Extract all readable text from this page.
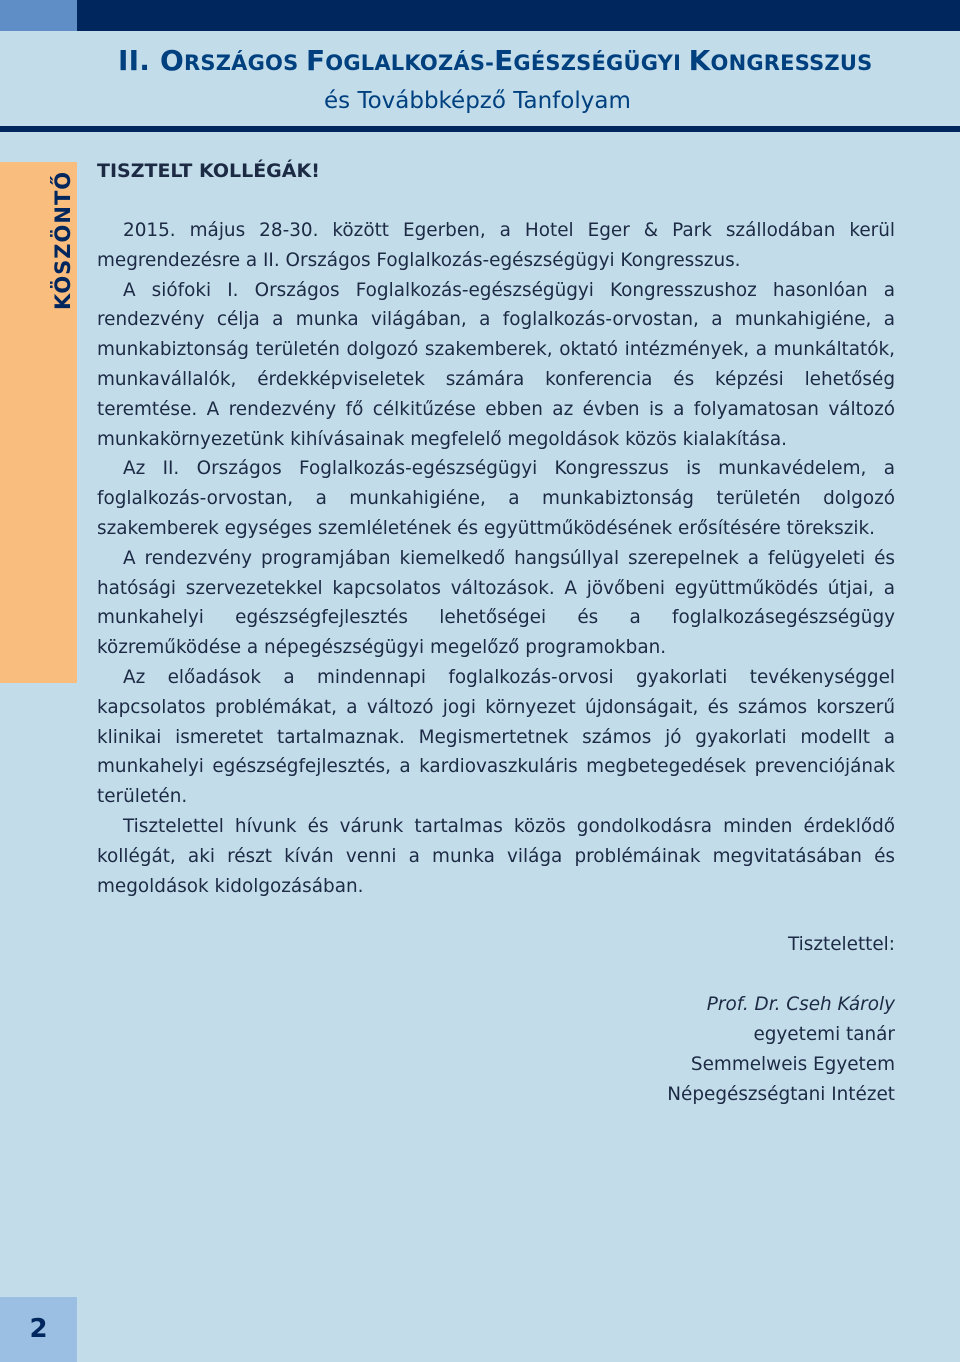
II. ORSZÁGOS FOGLALKOZÁS-EGÉSZSÉGÜGYI KONGRESSZUS
és Továbbképző Tanfolyam
KÖSZÖNTŐ TISZTELT KOLLÉGÁK!

2015. május 28-30. között Egerben, a Hotel Eger & Park szállodában kerül megrendezésre a II. Országos Foglalkozás-egészségügyi Kongresszus.

A siófoki I. Országos Foglalkozás-egészségügyi Kongresszushoz hasonlóan a rendezvény célja a munka világában, a foglalkozás-orvostan, a munkahigiéne, a munkabiztonság területén dolgozó szakemberek, oktató intézmények, a munkáltatók, munkavállalók, érdekképviseletek számára konferencia és képzési lehetőség teremtése. A rendezvény fő célkitűzése ebben az évben is a folyamatosan változó munkakörnyezetünk kihívásainak megfelelő megoldások közös kialakítása.

Az II. Országos Foglalkozás-egészségügyi Kongresszus is munkavédelem, a foglalkozás-orvostan, a munkahigiéne, a munkabiztonság területén dolgozó szakemberek egységes szemléletének és együttműködésének erősítésére törekszik.

A rendezvény programjában kiemelkedő hangsúllyal szerepelnek a felügyeleti és hatósági szervezetekkel kapcsolatos változások. A jövőbeni együttműködés útjai, a munkahelyi egészségfejlesztés lehetőségei és a foglalkozásegészségügy közreműködése a népegészségügyi megelőző programokban.

Az előadások a mindennapi foglalkozás-orvosi gyakorlati tevékenységgel kapcsolatos problémákat, a változó jogi környezet újdonságait, és számos korszerű klinikai ismeretet tartalmaznak. Megismertetnek számos jó gyakorlati modellt a munkahelyi egészségfejlesztés, a kardiovaszkuláris megbetegedések prevenciójának területén.

Tisztelettel hívunk és várunk tartalmas közös gondolkodásra minden érdeklődő kollégát, aki részt kíván venni a munka világa problémáinak megvitatásában és megoldások kidolgozásában.

Tisztelettel:
Prof. Dr. Cseh Károly
egyetemi tanár
Semmelweis Egyetem
Népegészségtani Intézet
2
